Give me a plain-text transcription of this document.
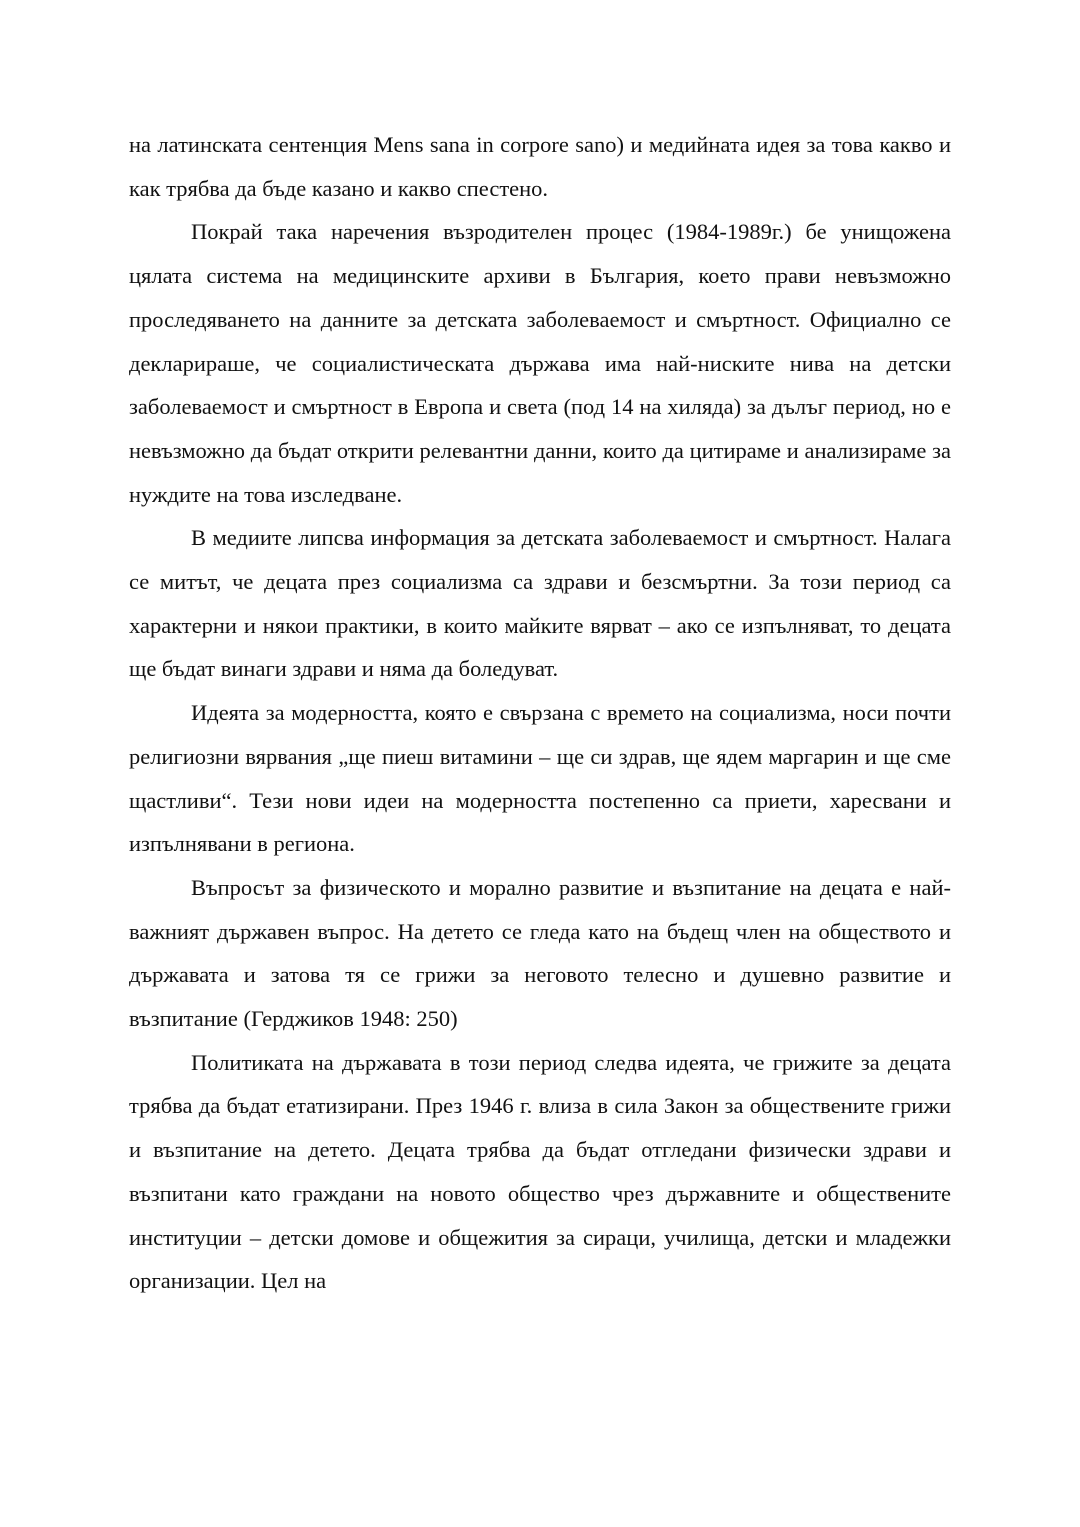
на латинската сентенция Mens sana in corpore sano) и медийната идея за това какво и как трябва да бъде казано и какво спестено.

Покрай така наречения възродителен процес (1984-1989г.) бе унищожена цялата система на медицинските архиви в България, което прави невъзможно проследяването на данните за детската заболеваемост и смъртност. Официално се декларираше, че социалистическата държава има най-ниските нива на детски заболеваемост и смъртност в Европа и света (под 14 на хиляда) за дълъг период, но е невъзможно да бъдат открити релевантни данни, които да цитираме и анализираме за нуждите на това изследване.

В медиите липсва информация за детската заболеваемост и смъртност. Налага се митът, че децата през социализма са здрави и безсмъртни. За този период са характерни и някои практики, в които майките вярват – ако се изпълняват, то децата ще бъдат винаги здрави и няма да боледуват.

Идеята за модерността, която е свързана с времето на социализма, носи почти религиозни вярвания „ще пиеш витамини – ще си здрав, ще ядем маргарин и ще сме щастливи“. Тези нови идеи на модерността постепенно са приети, харесвани и изпълнявани в региона.

Въпросът за физическото и морално развитие и възпитание на децата е най-важният държавен въпрос. На детето се гледа като на бъдещ член на обществото и държавата и затова тя се грижи за неговото телесно и душевно развитие и възпитание (Герджиков 1948: 250)

Политиката на държавата в този период следва идеята, че грижите за децата трябва да бъдат етатизирани. През 1946 г. влиза в сила Закон за обществените грижи и възпитание на детето. Децата трябва да бъдат отгледани физически здрави и възпитани като граждани на новото общество чрез държавните и обществените институции – детски домове и общежития за сираци, училища, детски и младежки организации. Цел на
